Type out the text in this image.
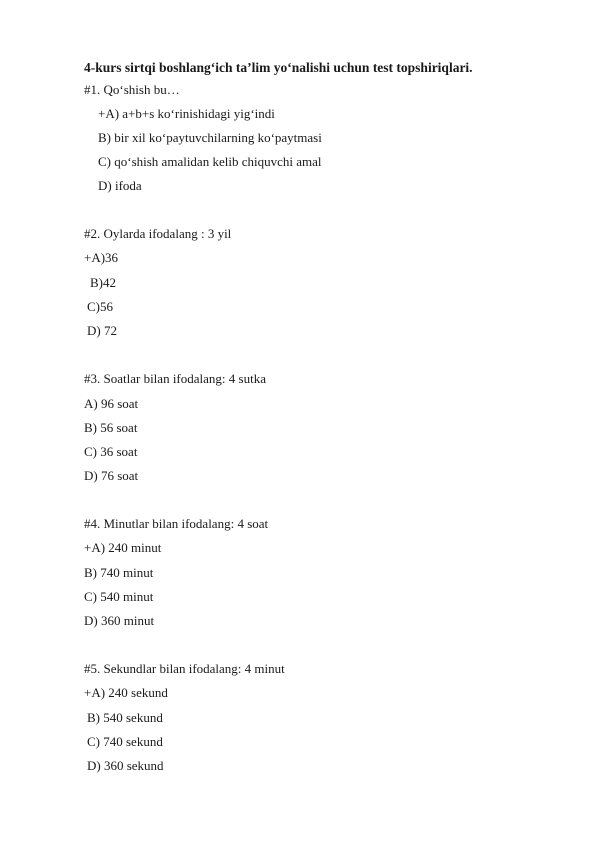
4-kurs sirtqi boshlang‘ich ta’lim yo‘nalishi uchun test topshiriqlari.
#1. Qo‘shish bu…
+A) a+b+s ko‘rinishidagi yig‘indi
B) bir xil ko‘paytuvchilarning ko‘paytmasi
C) qo‘shish amalidan kelib chiquvchi amal
D) ifoda
#2. Oylarda ifodalang : 3 yil
+A)36
B)42
C)56
D) 72
#3. Soatlar bilan ifodalang: 4 sutka
A) 96 soat
B) 56 soat
C) 36 soat
D) 76 soat
#4. Minutlar bilan ifodalang: 4 soat
+A) 240 minut
B) 740 minut
C) 540 minut
D) 360 minut
#5. Sekundlar bilan ifodalang: 4 minut
+A) 240 sekund
B) 540 sekund
C) 740 sekund
D) 360 sekund
